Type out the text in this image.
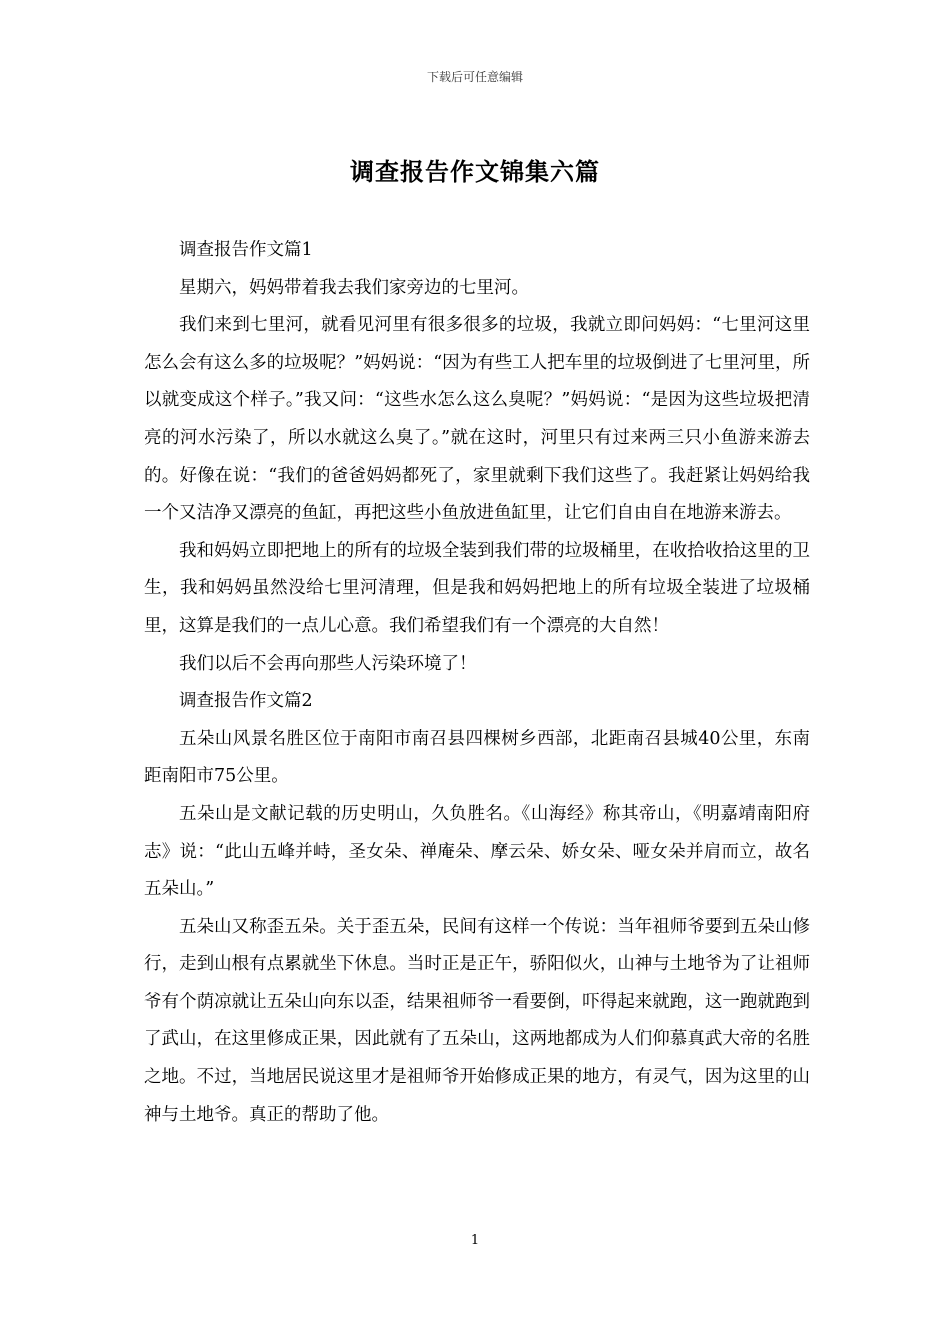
下载后可任意编辑
调查报告作文锦集六篇

调查报告作文篇1

星期六，妈妈带着我去我们家旁边的七里河。

我们来到七里河，就看见河里有很多很多的垃圾，我就立即问妈妈：“七里河这里怎么会有这么多的垃圾呢？”妈妈说：“因为有些工人把车里的垃圾倒进了七里河里，所以就变成这个样子。”我又问：“这些水怎么这么臭呢？”妈妈说：“是因为这些垃圾把清亮的河水污染了，所以水就这么臭了。”就在这时，河里只有过来两三只小鱼游来游去的。好像在说：“我们的爸爸妈妈都死了，家里就剩下我们这些了。我赶紧让妈妈给我一个又洁净又漂亮的鱼缸，再把这些小鱼放进鱼缸里，让它们自由自在地游来游去。

我和妈妈立即把地上的所有的垃圾全装到我们带的垃圾桶里，在收拾收拾这里的卫生，我和妈妈虽然没给七里河清理，但是我和妈妈把地上的所有垃圾全装进了垃圾桶里，这算是我们的一点儿心意。我们希望我们有一个漂亮的大自然！

我们以后不会再向那些人污染环境了！

调查报告作文篇2

五朵山风景名胜区位于南阳市南召县四棵树乡西部，北距南召县城40公里，东南距南阳市75公里。

五朵山是文献记载的历史明山，久负胜名。《山海经》称其帝山，《明嘉靖南阳府志》说：“此山五峰并峙，圣女朵、禅庵朵、摩云朵、娇女朵、哑女朵并肩而立，故名五朵山。”

五朵山又称歪五朵。关于歪五朵，民间有这样一个传说：当年祖师爷要到五朵山修行，走到山根有点累就坐下休息。当时正是正午，骄阳似火，山神与土地爷为了让祖师爷有个荫凉就让五朵山向东以歪，结果祖师爷一看要倒，吓得起来就跑，这一跑就跑到了武山，在这里修成正果，因此就有了五朵山，这两地都成为人们仰慕真武大帝的名胜之地。不过，当地居民说这里才是祖师爷开始修成正果的地方，有灵气，因为这里的山神与土地爷。真正的帮助了他。

1
